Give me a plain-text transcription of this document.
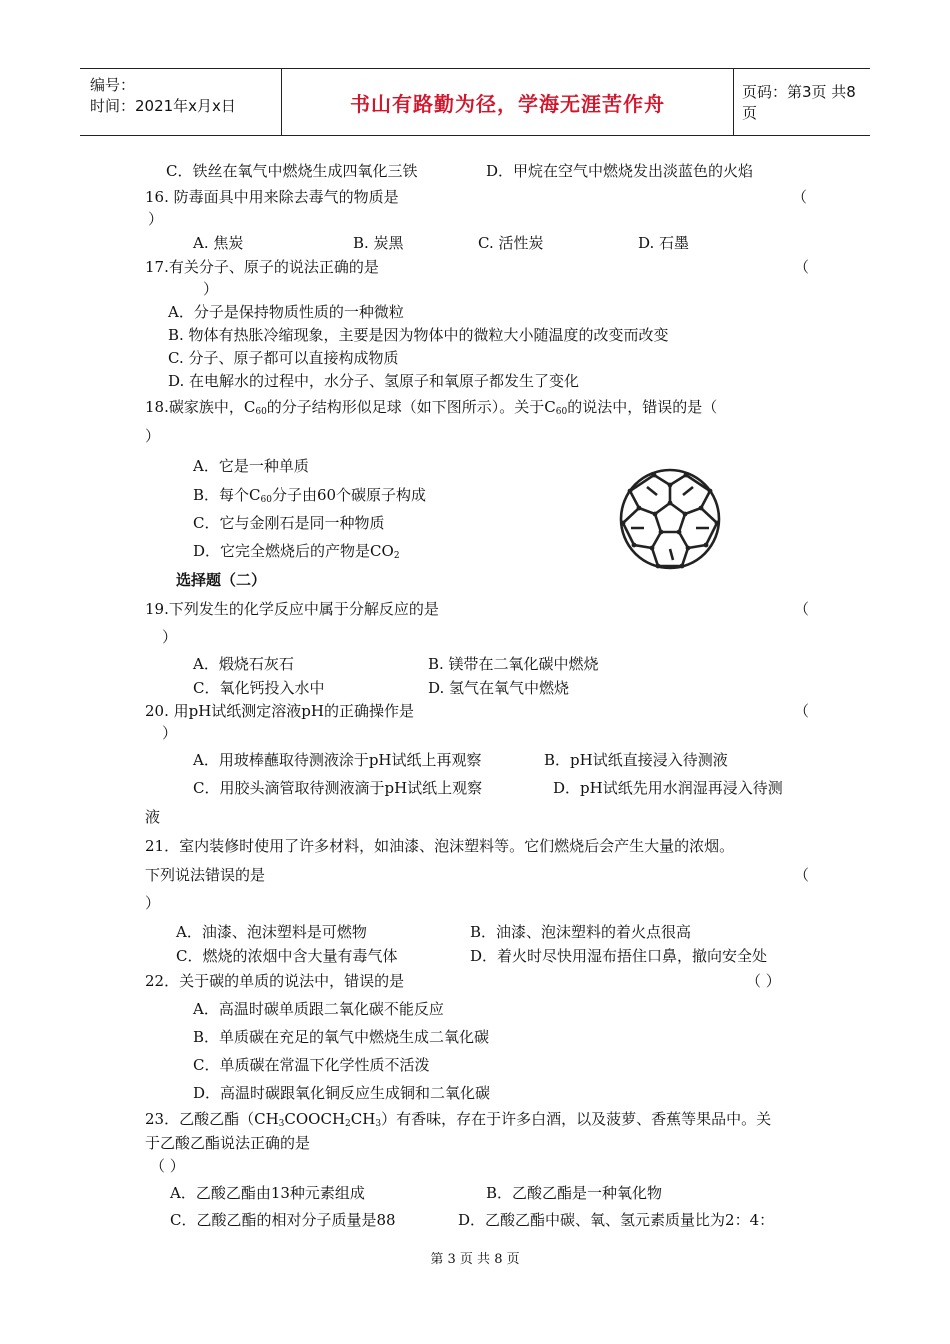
编号：
时间：2021年x月x日	书山有路勤为径，学海无涯苦作舟	页码：第3页 共8页
C．铁丝在氧气中燃烧生成四氧化三铁	D．甲烷在空气中燃烧发出淡蓝色的火焰
16. 防毒面具中用来除去毒气的物质是	（
）
A. 焦炭	B. 炭黑	C. 活性炭	D. 石墨
17.有关分子、原子的说法正确的是	（
）
A．分子是保持物质性质的一种微粒
B. 物体有热胀冷缩现象，主要是因为物体中的微粒大小随温度的改变而改变
C. 分子、原子都可以直接构成物质
D. 在电解水的过程中，水分子、氢原子和氧原子都发生了变化
18.碳家族中，$C_{60}$的分子结构形似足球（如下图所示）。关于$C_{60}$的说法中，错误的是（
）
A．它是一种单质
B．每个$C_{60}$分子由60个碳原子构成
C．它与金刚石是同一种物质
D．它完全燃烧后的产物是$CO_2$
选择题（二）
19.下列发生的化学反应中属于分解反应的是	（
）
A．煅烧石灰石	B. 镁带在二氧化碳中燃烧
C．氧化钙投入水中	D. 氢气在氧气中燃烧
20. 用pH试纸测定溶液pH的正确操作是	（
）
A．用玻棒蘸取待测液涂于pH试纸上再观察	B．pH试纸直接浸入待测液
C．用胶头滴管取待测液滴于pH试纸上观察	D．pH试纸先用水润湿再浸入待测
液
21．室内装修时使用了许多材料，如油漆、泡沫塑料等。它们燃烧后会产生大量的浓烟。
下列说法错误的是	（
）
A．油漆、泡沫塑料是可燃物	B．油漆、泡沫塑料的着火点很高
C．燃烧的浓烟中含大量有毒气体	D．着火时尽快用湿布捂住口鼻，撤向安全处
22．关于碳的单质的说法中，错误的是	（ ）
A．高温时碳单质跟二氧化碳不能反应
B．单质碳在充足的氧气中燃烧生成二氧化碳
C．单质碳在常温下化学性质不活泼
D．高温时碳跟氧化铜反应生成铜和二氧化碳
23．乙酸乙酯$(CH_3COOCH_2CH_3)$有香味，存在于许多白酒，以及菠萝、香蕉等果品中。关
于乙酸乙酯说法正确的是
（ ）
A．乙酸乙酯由13种元素组成	B．乙酸乙酯是一种氧化物
C．乙酸乙酯的相对分子质量是88	D．乙酸乙酯中碳、氧、氢元素质量比为2：4：
第 3 页 共 8 页
